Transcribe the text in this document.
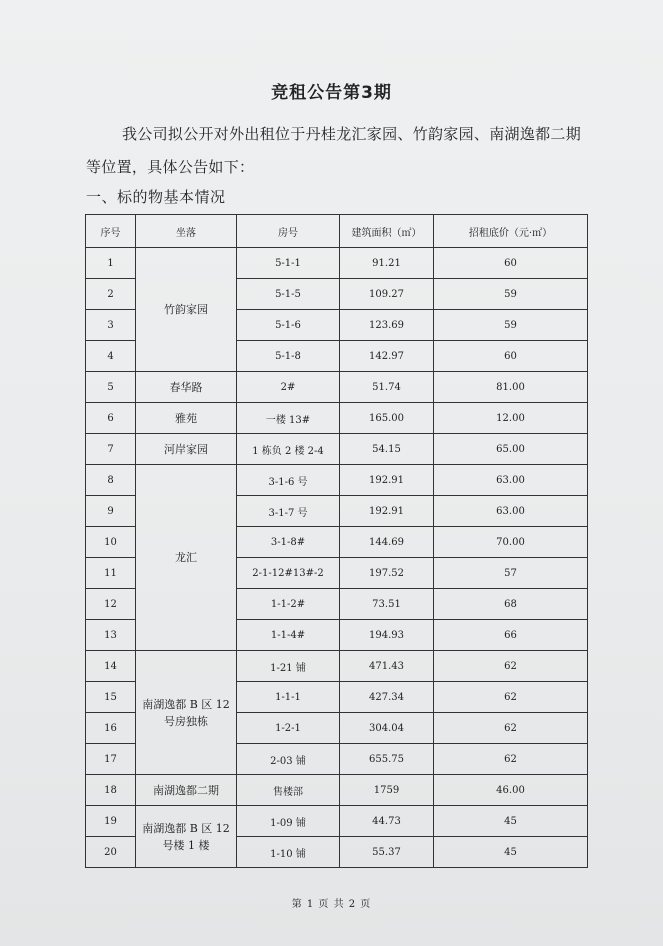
竞租公告第3期
我公司拟公开对外出租位于丹桂龙汇家园、竹韵家园、南湖逸都二期等位置，具体公告如下：
一、标的物基本情况
序号	坐落	房号	建筑面积（㎡）	招租底价（元·㎡）
1	竹韵家园	5-1-1	91.21	60
2		5-1-5	109.27	59
3		5-1-6	123.69	59
4		5-1-8	142.97	60
5	春华路	2#	51.74	81.00
6	雅苑	一楼 13#	165.00	12.00
7	河岸家园	1 栋负 2 楼 2-4	54.15	65.00
8	龙汇	3-1-6 号	192.91	63.00
9		3-1-7 号	192.91	63.00
10		3-1-8#	144.69	70.00
11		2-1-12#13#-2	197.52	57
12		1-1-2#	73.51	68
13		1-1-4#	194.93	66
14	南湖逸都 B 区 12 号房独栋	1-21 铺	471.43	62
15		1-1-1	427.34	62
16		1-2-1	304.04	62
17		2-03 铺	655.75	62
18	南湖逸都二期	售楼部	1759	46.00
19	南湖逸都 B 区 12 号楼 1 楼	1-09 铺	44.73	45
20		1-10 铺	55.37	45
第 1 页 共 2 页
